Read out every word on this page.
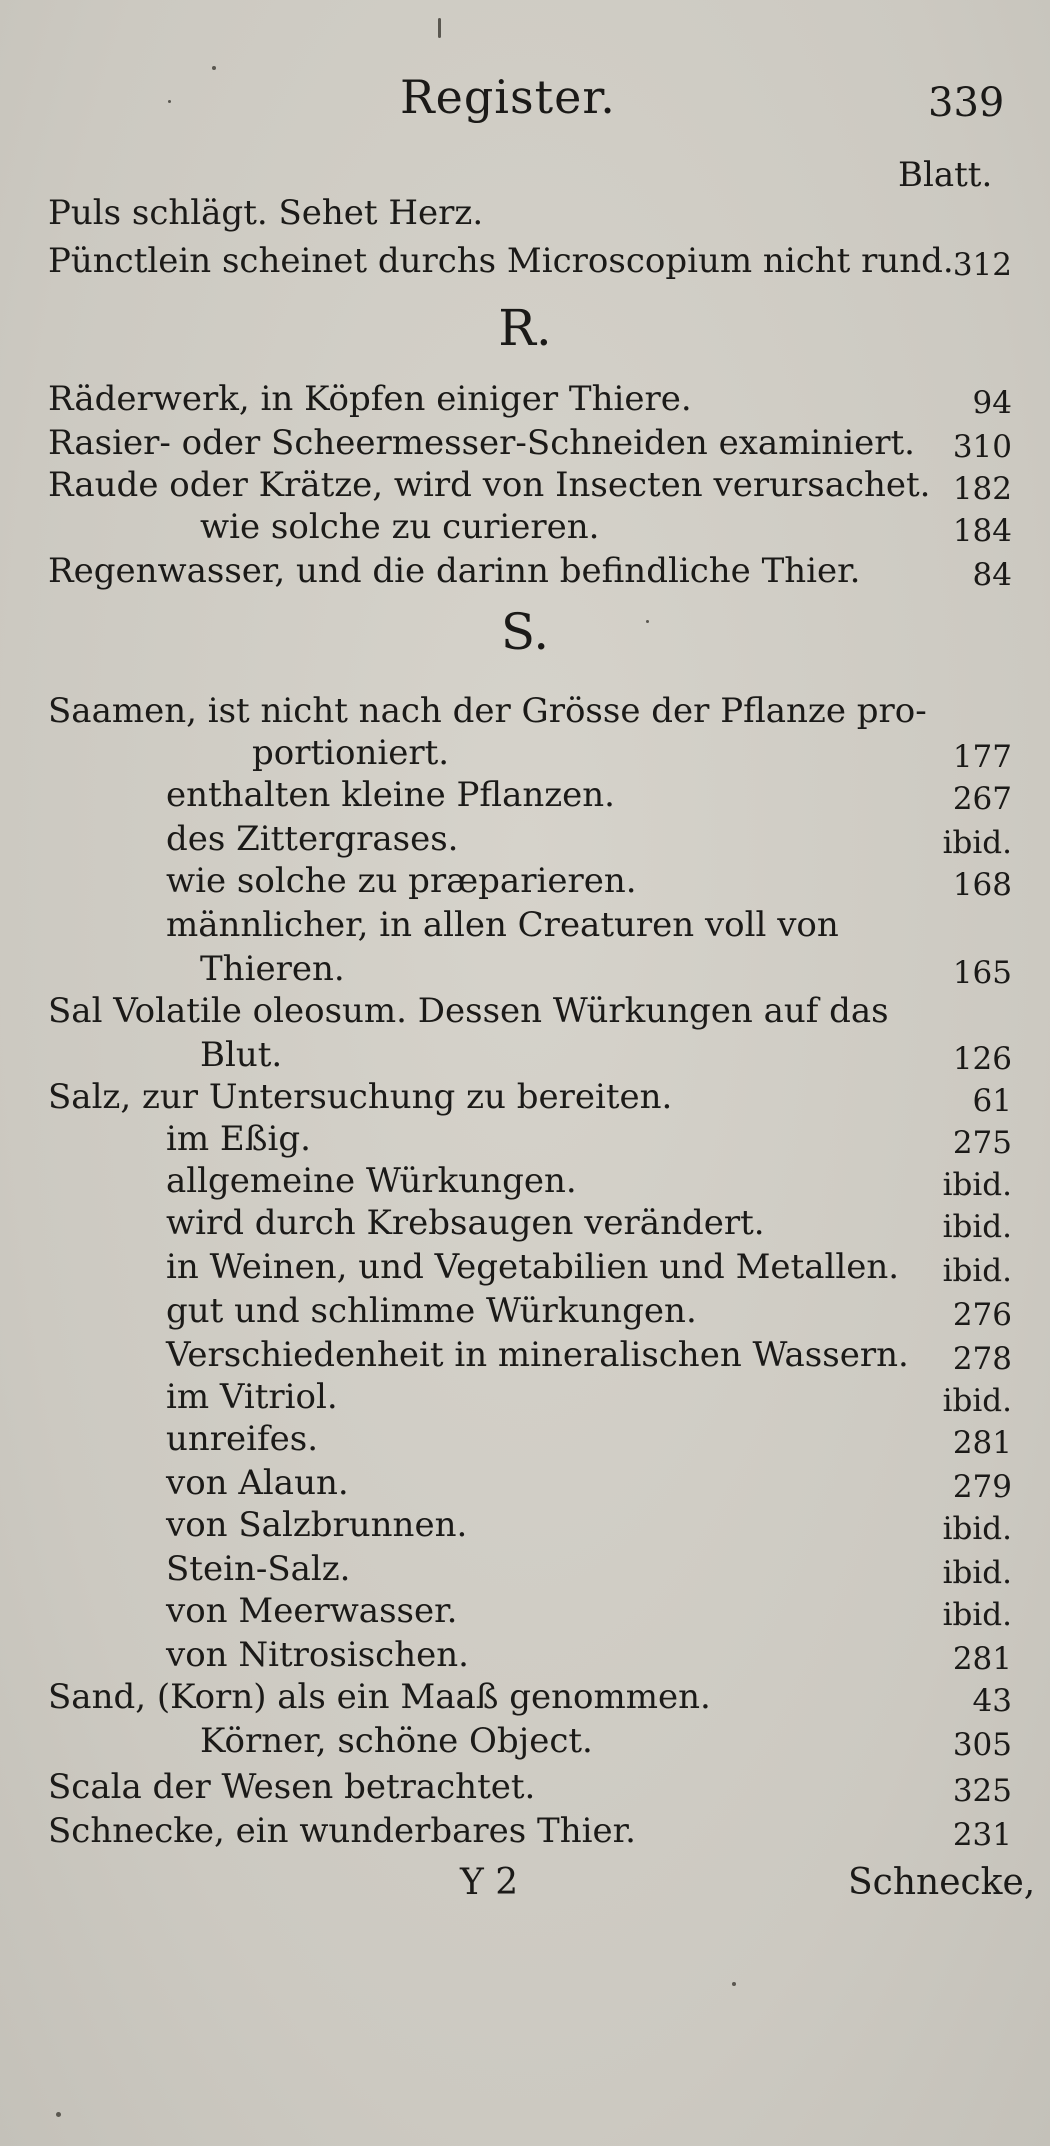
Register.	339
Blatt.
Puls schlägt. Sehet Herz.
Pünctlein scheinet durchs Microscopium nicht rund. 312
R.
Räderwerk, in Köpfen einiger Thiere.	94
Rasier- oder Scheermesser-Schneiden examiniert. 310
Raude oder Krätze, wird von Insecten verursachet. 182
wie solche zu curieren.	184
Regenwasser, und die darinn befindliche Thier.	84
S.
Saamen, ist nicht nach der Grösse der Pflanze pro-
portioniert.	177
enthalten kleine Pflanzen.	267
des Zittergrases.	ibid.
wie solche zu præparieren.	168
männlicher, in allen Creaturen voll von
Thieren.	165
Sal Volatile oleosum. Dessen Würkungen auf das
Blut.	126
Salz, zur Untersuchung zu bereiten.	61
im Eßig.	275
allgemeine Würkungen.	ibid.
wird durch Krebsaugen verändert.	ibid.
in Weinen, und Vegetabilien und Metallen. ibid.
gut und schlimme Würkungen.	276
Verschiedenheit in mineralischen Wassern. 278
im Vitriol.	ibid.
unreifes.	281
von Alaun.	279
von Salzbrunnen.	ibid.
Stein-Salz.	ibid.
von Meerwasser.	ibid.
von Nitrosischen.	281
Sand, (Korn) als ein Maaß genommen.	43
Körner, schöne Object.	305
Scala der Wesen betrachtet.	325
Schnecke, ein wunderbares Thier.	231
Y 2	Schnecke,
